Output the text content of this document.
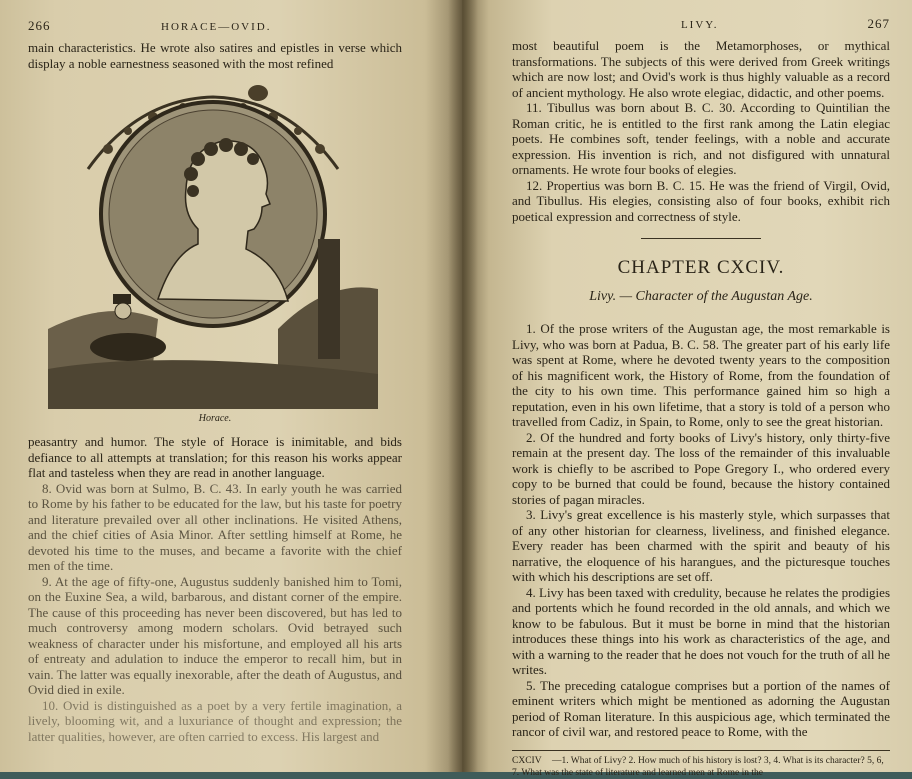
266	HORACE—OVID.

main characteristics. He wrote also satires and epistles in verse which display a noble earnestness seasoned with the most refined

Horace.

peasantry and humor. The style of Horace is inimitable, and bids defiance to all attempts at translation; for this reason his works appear flat and tasteless when they are read in another language.

8. Ovid was born at Sulmo, B. C. 43. In early youth he was carried to Rome by his father to be educated for the law, but his taste for poetry and literature prevailed over all other inclinations. He visited Athens, and the chief cities of Asia Minor. After settling himself at Rome, he devoted his time to the muses, and became a favorite with the chief men of the time.

9. At the age of fifty-one, Augustus suddenly banished him to Tomi, on the Euxine Sea, a wild, barbarous, and distant corner of the empire. The cause of this proceeding has never been discovered, but has led to much controversy among modern scholars. Ovid betrayed such weakness of character under his misfortune, and employed all his arts of entreaty and adulation to induce the emperor to recall him, but in vain. The latter was equally inexorable, after the death of Augustus, and Ovid died in exile.

10. Ovid is distinguished as a poet by a very fertile imagination, a lively, blooming wit, and a luxuriance of thought and expression; the latter qualities, however, are often carried to excess. His largest and

LIVY.	267

most beautiful poem is the Metamorphoses, or mythical transformations. The subjects of this were derived from Greek writings which are now lost; and Ovid's work is thus highly valuable as a record of ancient mythology. He also wrote elegiac, didactic, and other poems.

11. Tibullus was born about B. C. 30. According to Quintilian the Roman critic, he is entitled to the first rank among the Latin elegiac poets. He combines soft, tender feelings, with a noble and accurate expression. His invention is rich, and not disfigured with unnatural ornaments. He wrote four books of elegies.

12. Propertius was born B. C. 15. He was the friend of Virgil, Ovid, and Tibullus. His elegies, consisting also of four books, exhibit rich poetical expression and correctness of style.

CHAPTER CXCIV.
Livy. — Character of the Augustan Age.

1. Of the prose writers of the Augustan age, the most remarkable is Livy, who was born at Padua, B. C. 58. The greater part of his early life was spent at Rome, where he devoted twenty years to the composition of his magnificent work, the History of Rome, from the foundation of the city to his own time. This performance gained him so high a reputation, even in his own lifetime, that a story is told of a person who travelled from Cadiz, in Spain, to Rome, only to see the great historian.

2. Of the hundred and forty books of Livy's history, only thirty-five remain at the present day. The loss of the remainder of this invaluable work is chiefly to be ascribed to Pope Gregory I., who ordered every copy to be burned that could be found, because the history contained stories of pagan miracles.

3. Livy's great excellence is his masterly style, which surpasses that of any other historian for clearness, liveliness, and finished elegance. Every reader has been charmed with the spirit and beauty of his narrative, the eloquence of his harangues, and the picturesque touches with which his descriptions are set off.

4. Livy has been taxed with credulity, because he relates the prodigies and portents which he found recorded in the old annals, and which we know to be fabulous. But it must be borne in mind that the historian introduces these things into his work as characteristics of the age, and with a warning to the reader that he does not vouch for the truth of all he writes.

5. The preceding catalogue comprises but a portion of the names of eminent writers which might be mentioned as adorning the Augustan period of Roman literature. In this auspicious age, which terminated the rancor of civil war, and restored peace to Rome, with the

CXCIV —1. What of Livy? 2. How much of his history is lost? 3, 4. What is its character? 5, 6, 7. What was the state of literature and learned men at Rome in the
